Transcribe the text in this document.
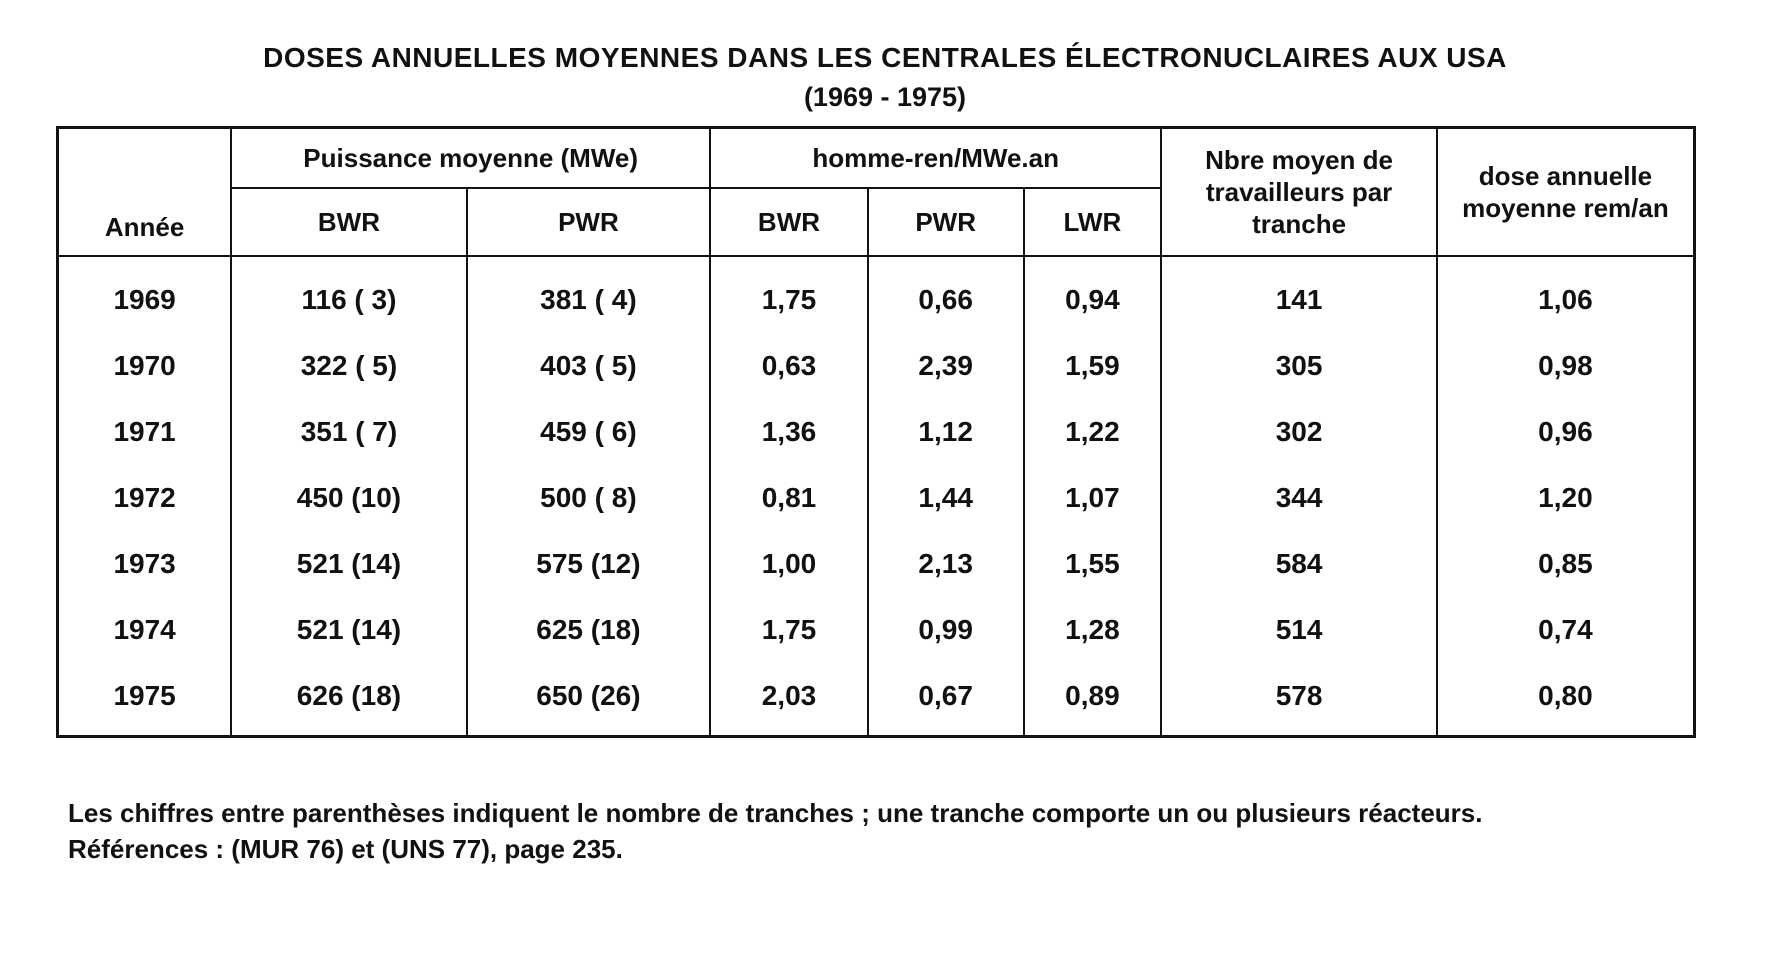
DOSES ANNUELLES MOYENNES DANS LES CENTRALES ÉLECTRONUCLAIRES AUX USA
(1969 - 1975)
Année	Puissance moyenne (MWe)		homme-ren/MWe.an			Nbre moyen de travailleurs par tranche	dose annuelle moyenne rem/an
	BWR	PWR	BWR	PWR	LWR		
1969	116 ( 3)	381 ( 4)	1,75	0,66	0,94	141	1,06
1970	322 ( 5)	403 ( 5)	0,63	2,39	1,59	305	0,98
1971	351 ( 7)	459 ( 6)	1,36	1,12	1,22	302	0,96
1972	450 (10)	500 ( 8)	0,81	1,44	1,07	344	1,20
1973	521 (14)	575 (12)	1,00	2,13	1,55	584	0,85
1974	521 (14)	625 (18)	1,75	0,99	1,28	514	0,74
1975	626 (18)	650 (26)	2,03	0,67	0,89	578	0,80

Les chiffres entre parenthèses indiquent le nombre de tranches ; une tranche comporte un ou plusieurs réacteurs.

Références : (MUR 76) et (UNS 77), page 235.
